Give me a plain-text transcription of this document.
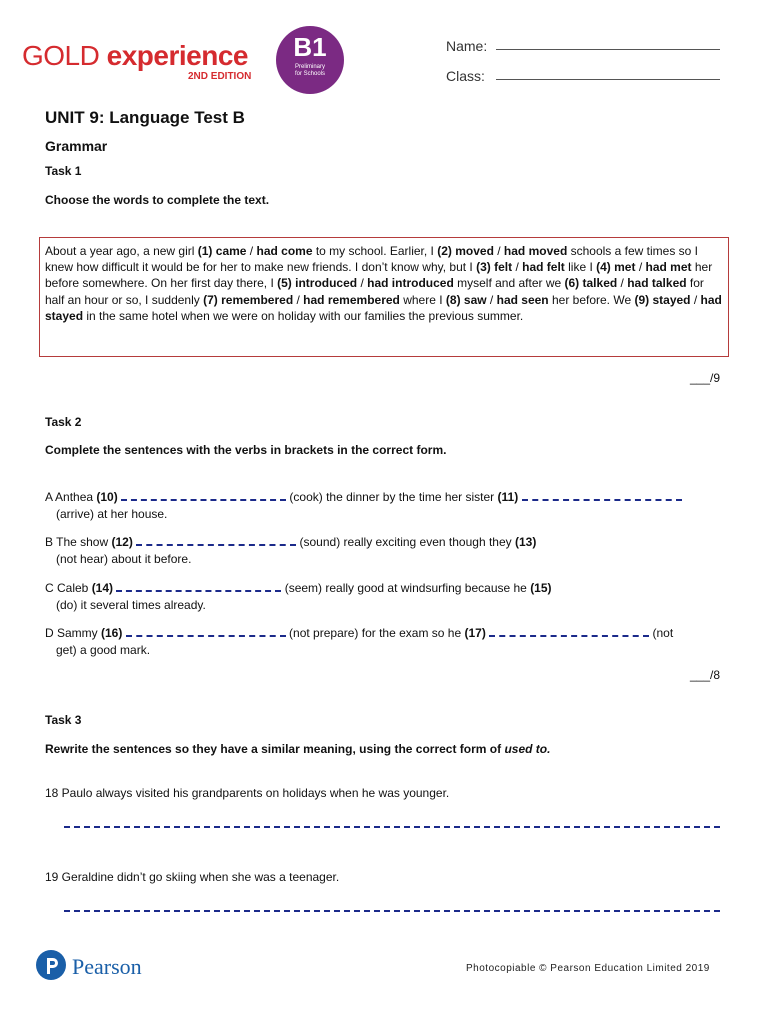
GOLD experience
2ND EDITION
B1
Preliminary
for Schools
Name:
Class:
UNIT 9: Language Test B
Grammar
Task 1
Choose the words to complete the text.
About a year ago, a new girl (1) came / had come to my school. Earlier, I (2) moved / had moved schools a few times so I knew how difficult it would be for her to make new friends. I don’t know why, but I (3) felt / had felt like I (4) met / had met her before somewhere. On her first day there, I (5) introduced / had introduced myself and after we (6) talked / had talked for half an hour or so, I suddenly (7) remembered / had remembered where I (8) saw / had seen her before. We (9) stayed / had stayed in the same hotel when we were on holiday with our families the previous summer.
___/9
Task 2
Complete the sentences with the verbs in brackets in the correct form.
A Anthea (10)	(cook) the dinner by the time her sister (11)
(arrive) at her house.
B The show (12)	(sound) really exciting even though they (13)
(not hear) about it before.
C Caleb (14)	(seem) really good at windsurfing because he (15)
(do) it several times already.
D Sammy (16)	(not prepare) for the exam so he (17)	(not
get) a good mark.
___/8
Task 3
Rewrite the sentences so they have a similar meaning, using the correct form of used to.
18 Paulo always visited his grandparents on holidays when he was younger.
19 Geraldine didn’t go skiing when she was a teenager.
Pearson	Photocopiable © Pearson Education Limited 2019
